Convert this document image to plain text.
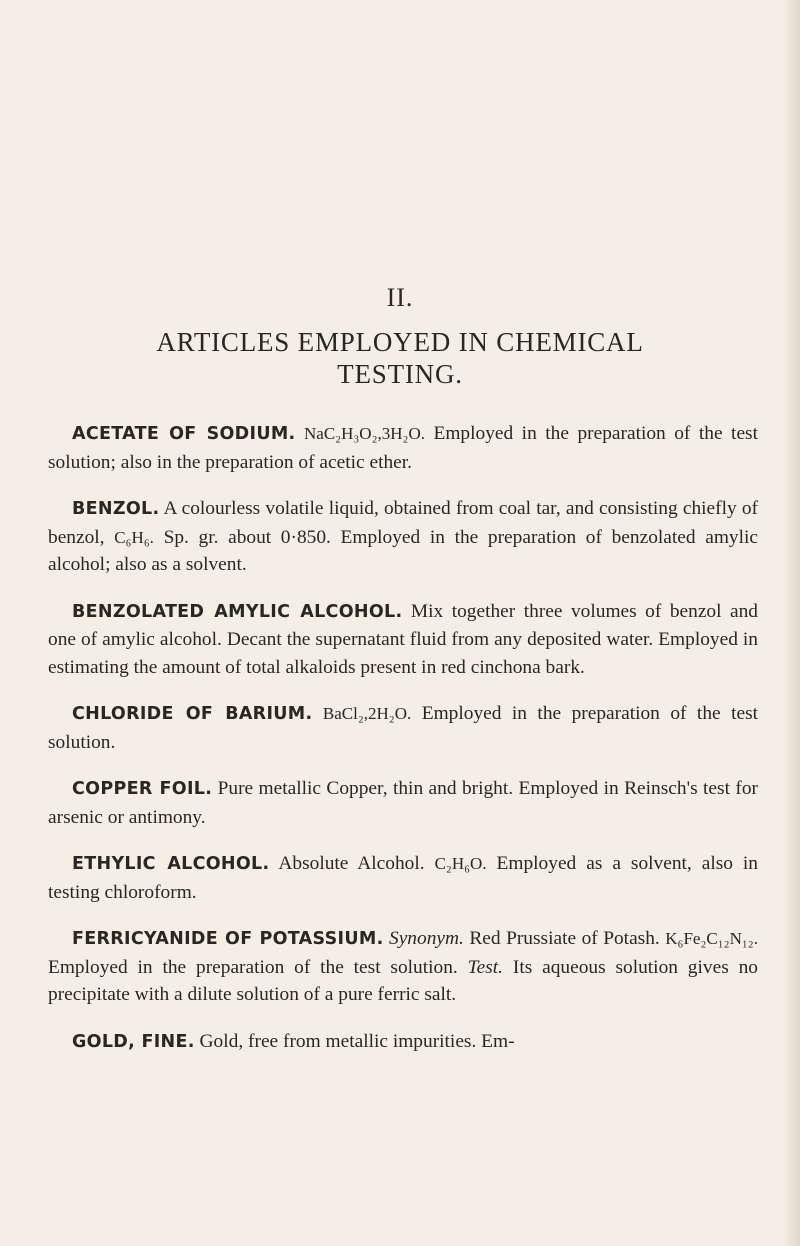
II.
ARTICLES EMPLOYED IN CHEMICAL
TESTING.

ACETATE OF SODIUM. NaC₂H₃O₂,3H₂O. Employed in the preparation of the test solution; also in the preparation of acetic ether.

BENZOL. A colourless volatile liquid, obtained from coal tar, and consisting chiefly of benzol, C₆H₆. Sp. gr. about 0·850. Employed in the preparation of benzolated amylic alcohol; also as a solvent.

BENZOLATED AMYLIC ALCOHOL. Mix together three volumes of benzol and one of amylic alcohol. Decant the supernatant fluid from any deposited water. Employed in estimating the amount of total alkaloids present in red cinchona bark.

CHLORIDE OF BARIUM. BaCl₂,2H₂O. Employed in the preparation of the test solution.

COPPER FOIL. Pure metallic Copper, thin and bright. Employed in Reinsch's test for arsenic or antimony.

ETHYLIC ALCOHOL. Absolute Alcohol. C₂H₆O. Employed as a solvent, also in testing chloroform.

FERRICYANIDE OF POTASSIUM. Synonym. Red Prussiate of Potash. K₆Fe₂C₁₂N₁₂. Employed in the preparation of the test solution. Test. Its aqueous solution gives no precipitate with a dilute solution of a pure ferric salt.

GOLD, FINE. Gold, free from metallic impurities. Em-
